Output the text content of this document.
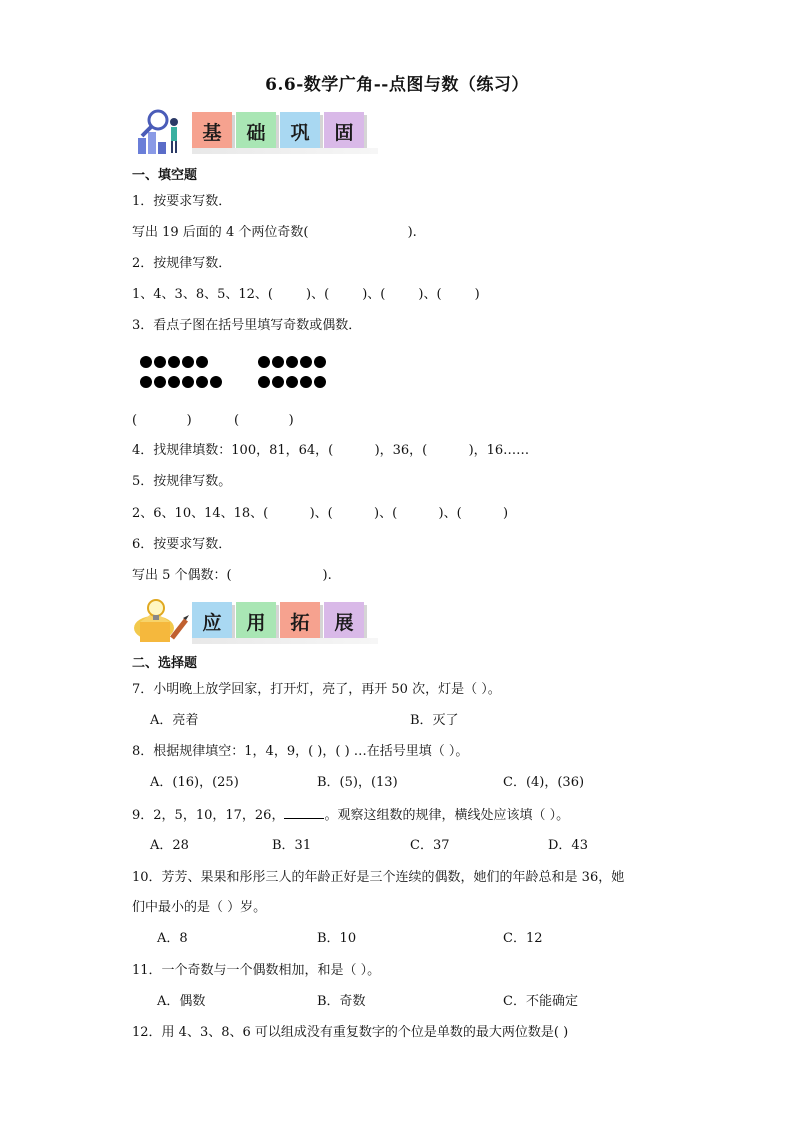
6.6-数学广角--点图与数（练习）
基	础	巩	固
一、填空题
1．按要求写数．
写出 19 后面的 4 个两位奇数(                        ).
2．按规律写数．
1、4、3、8、5、12、(        )、(        )、(        )、(        )
3．看点子图在括号里填写奇数或偶数．
(            )	(            )
4．找规律填数：100，81，64，(          )，36，(          )，16……
5．按规律写数。
2、6、10、14、18、(          )、(          )、(          )、(          )
6．按要求写数．
写出 5 个偶数：(                      ).
应	用	拓	展
二、选择题
7．小明晚上放学回家，打开灯，亮了，再开 50 次，灯是（ ）。
A．亮着	B．灭了
8．根据规律填空：1，4，9，( )，( ) …在括号里填（ ）。
A．(16)，(25)	B．(5)，(13)	C．(4)，(36)
9．2，5，10，17，26，	。观察这组数的规律，横线处应该填（ ）。
A．28	B．31	C．37	D．43
10．芳芳、果果和彤彤三人的年龄正好是三个连续的偶数，她们的年龄总和是 36，她
们中最小的是（ ）岁。
A．8	B．10	C．12
11．一个奇数与一个偶数相加，和是（ ）。
A．偶数	B．奇数	C．不能确定
12．用 4、3、8、6 可以组成没有重复数字的个位是单数的最大两位数是( )
